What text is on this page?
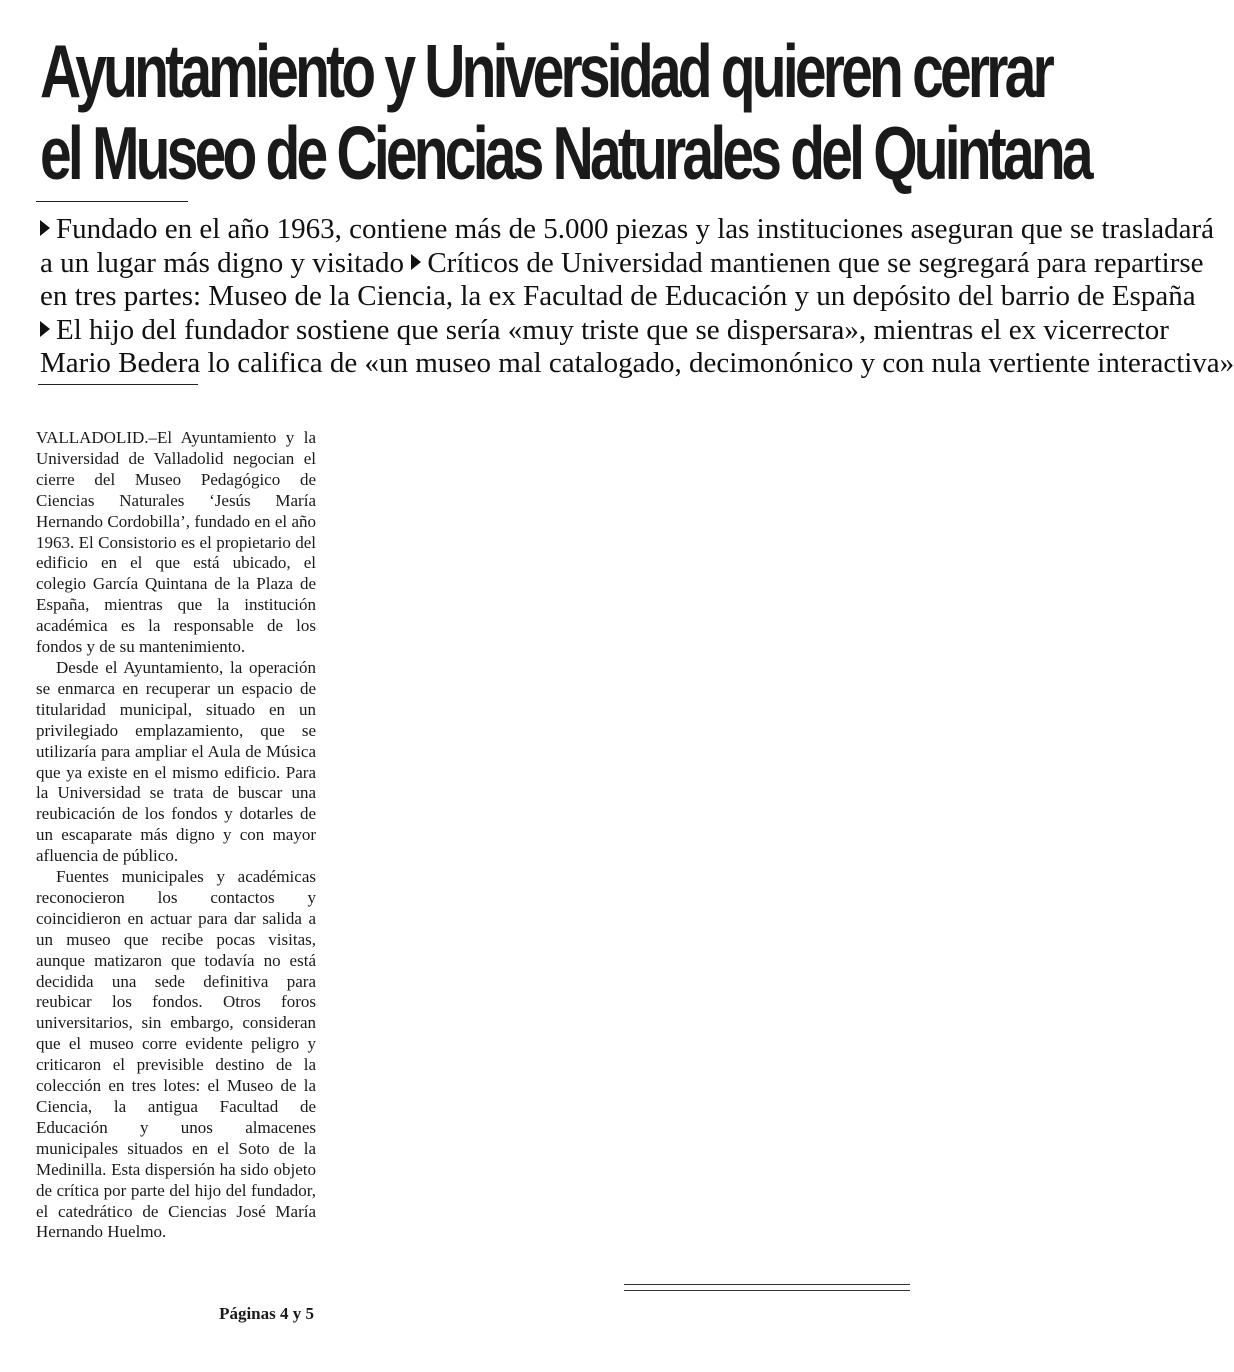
Ayuntamiento y Universidad quieren cerrar
el Museo de Ciencias Naturales del Quintana
Fundado en el año 1963, contiene más de 5.000 piezas y las instituciones aseguran que se trasladará
a un lugar más digno y visitado Críticos de Universidad mantienen que se segregará para repartirse
en tres partes: Museo de la Ciencia, la ex Facultad de Educación y un depósito del barrio de España
El hijo del fundador sostiene que sería «muy triste que se dispersara», mientras el ex vicerrector
Mario Bedera lo califica de «un museo mal catalogado, decimonónico y con nula vertiente interactiva»

VALLADOLID.–El Ayuntamiento y la Universidad de Valladolid negocian el cierre del Museo Pedagógico de Ciencias Naturales ‘Jesús María Hernando Cordobilla’, fundado en el año 1963. El Consistorio es el propietario del edificio en el que está ubicado, el colegio García Quintana de la Plaza de España, mientras que la institución académica es la responsable de los fondos y de su mantenimiento.

Desde el Ayuntamiento, la operación se enmarca en recuperar un espacio de titularidad municipal, situado en un privilegiado emplazamiento, que se utilizaría para ampliar el Aula de Música que ya existe en el mismo edificio. Para la Universidad se trata de buscar una reubicación de los fondos y dotarles de un escaparate más digno y con mayor afluencia de público.

Fuentes municipales y académicas reconocieron los contactos y coincidieron en actuar para dar salida a un museo que recibe pocas visitas, aunque matizaron que todavía no está decidida una sede definitiva para reubicar los fondos. Otros foros universitarios, sin embargo, consideran que el museo corre evidente peligro y criticaron el previsible destino de la colección en tres lotes: el Museo de la Ciencia, la antigua Facultad de Educación y unos almacenes municipales situados en el Soto de la Medinilla. Esta dispersión ha sido objeto de crítica por parte del hijo del fundador, el catedrático de Ciencias José María Hernando Huelmo.

Páginas 4 y 5
